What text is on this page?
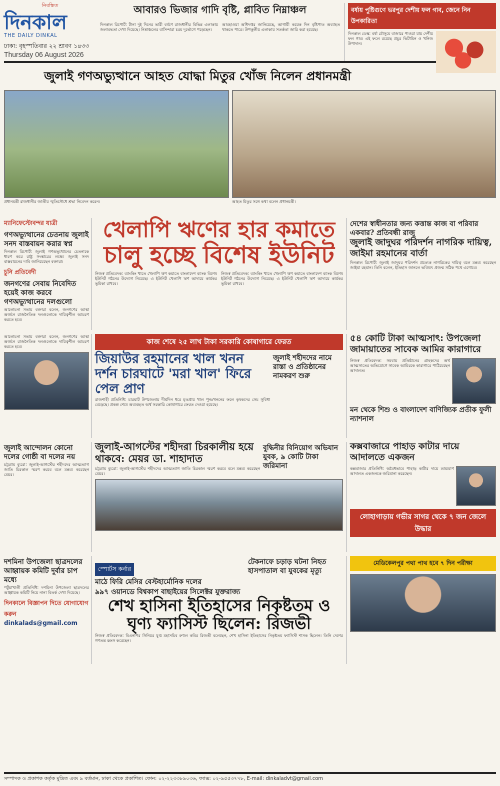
নিবন্ধিত
দিনকাল
THE DAILY DINKAL
ঢাকা: বৃহস্পতিবার ২২ শ্রাবণ ১৪৩৩
Thursday 06 August 2026
আবারও ভিজার গাদি বৃষ্টি, প্লাবিত নিম্নাঞ্চল
দিনকাল রিপোর্ট: টানা দুই দিনের ভারী বর্ষণে রাজধানীর বিভিন্ন এলাকায় জলাবদ্ধতা দেখা দিয়েছে। নিম্নাঞ্চলের বাসিন্দারা চরম দুর্ভোগে পড়েছেন।
আবহাওয়া অধিদপ্তর জানিয়েছে, আগামী কয়েক দিন বৃষ্টিপাত অব্যাহত থাকতে পারে। উপকূলীয় এলাকায় সতর্কতা জারি করা হয়েছে।
বর্ষায় পুষ্টিগুণে ভরপুর দেশীয় ফল গাব, জেনে নিন উপকারিতা
দিনকাল ডেস্ক: বর্ষা মৌসুমে বাজারে পাওয়া যায় দেশীয় ফল গাব। এই ফলে রয়েছে প্রচুর ভিটামিন ও খনিজ উপাদান।
জুলাই গণঅভ্যুত্থানে আহত যোদ্ধা মিতুর খোঁজ নিলেন প্রধানমন্ত্রী
প্রধানমন্ত্রী রাজধানীর জাতীয় স্মৃতিসৌধে শ্রদ্ধা নিবেদন করেন।	আহত মিতুর সঙ্গে কথা বলেন প্রধানমন্ত্রী।
ম্যানিফেস্টোবন্দর যাত্রী
গণঅভ্যুত্থানের চেতনায় জুলাই সনদ বাস্তবায়ন করার স্বপ্ন
দিনকাল রিপোর্ট: জুলাই গণঅভ্যুত্থানের চেতনাকে ধারণ করে রাষ্ট্র সংস্কারের লক্ষ্যে জুলাই সনদ বাস্তবায়নের দাবি জানিয়েছেন বক্তারা।
চুনি প্রতিবেদী
জনগণের সেবায় নিবেদিত হয়েই কাজ করবে গণঅভ্যুত্থানের দলগুলো
আলোচনা সভায় বক্তারা বলেন, জনগণের আস্থা অর্জনে রাজনৈতিক দলগুলোকে দায়িত্বশীল আচরণ করতে হবে।
খেলাপি ঋণের হার কমাতে
চালু হচ্ছে বিশেষ ইউনিট
নিজস্ব প্রতিবেদক: ব্যাংকিং খাতে খেলাপি ঋণ কমাতে বাংলাদেশ ব্যাংক বিশেষ ইউনিট গঠনের উদ্যোগ নিয়েছে। এ ইউনিট খেলাপি ঋণ আদায়ে কার্যকর ভূমিকা রাখবে।
নিজস্ব প্রতিবেদক: ব্যাংকিং খাতে খেলাপি ঋণ কমাতে বাংলাদেশ ব্যাংক বিশেষ ইউনিট গঠনের উদ্যোগ নিয়েছে। এ ইউনিট খেলাপি ঋণ আদায়ে কার্যকর ভূমিকা রাখবে।
দেশের স্বাধীনতার জন্য কত্তান্ত কাজ বা পরিবার একবার? প্রতিবন্ধী রাজু
জুলাই জাদুঘর পরিদর্শন নাগরিক দায়িত্ব, জাইমা রহমানের বার্তা
দিনকাল রিপোর্ট: জুলাই জাদুঘর পরিদর্শন প্রত্যেক নাগরিকের দায়িত্ব বলে মন্তব্য করেছেন জাইমা রহমান। তিনি বলেন, ইতিহাস জানলে ভবিষ্যৎ প্রজন্ম সঠিক পথে এগোবে।
আলোচনা সভায় বক্তারা বলেন, জনগণের আস্থা অর্জনে রাজনৈতিক দলগুলোকে দায়িত্বশীল আচরণ করতে হবে।
কাজ শেষে ২৫ লাখ টাকা সরকারি কোষাগারে ফেরত
জিয়াউর রহমানের খাল খনন দর্শন চারঘাটে 'মরা খাল' ফিরে পেল প্রাণ
রাজশাহী প্রতিনিধি: চারঘাট উপজেলায় দীর্ঘদিন ধরে মৃতপ্রায় খাল পুনঃখননের ফলে কৃষকদের সেচ সুবিধা বেড়েছে। প্রকল্প শেষে অব্যবহৃত অর্থ সরকারি কোষাগারে ফেরত দেওয়া হয়েছে।
জুলাই শহীদদের নামে রাস্তা ও প্রতিষ্ঠানের নামকরণ শুরু
৫৪ কোটি টাকা আত্মসাৎ: উপজেলা জামায়াতের সাবেক আমির কারাগারে
নিজস্ব প্রতিবেদক: সমবায় প্রতিষ্ঠানের গ্রাহকদের অর্থ আত্মসাতের অভিযোগে সাবেক আমিরকে কারাগারে পাঠিয়েছেন আদালত।
মন থেকে শিশু ও বাংলাদেশ বাণিজ্যিক প্রতীক ফুলী ন্যাশনাল
জুলাই আন্দোলন কোনো দলের গোষ্ঠী বা দলের নয়
চট্টগ্রাম ব্যুরো: জুলাই-আগস্টের শহীদদের আত্মত্যাগ জাতি চিরকাল স্মরণ করবে বলে মন্তব্য করেছেন মেয়র।
জুলাই-আগস্টের শহীদরা চিরকালীয় হয়ে থাকবে: মেয়র ডা. শাহাদাত
চট্টগ্রাম ব্যুরো: জুলাই-আগস্টের শহীদদের আত্মত্যাগ জাতি চিরকাল স্মরণ করবে বলে মন্তব্য করেছেন মেয়র।
বুদ্ধিনীর বিনিয়োগ অভিযান যুবক, ৯ কোটি টাকা জরিমানা
কক্সবাজারে পাহাড় কাটার দায়ে আদালতে একজন
কক্সবাজার প্রতিনিধি: অবৈধভাবে পাহাড় কাটার দায়ে ভ্রাম্যমাণ আদালত একজনকে জরিমানা করেছেন।
লোহাগাড়ায় গভীর সাগর থেকে ৭ জন জেলে উদ্ধার
দশমিনা উপজেলা ছাত্রদলের আহ্বায়ক কমিটি দুর্বার চাপ মধ্যে
পটুয়াখালী প্রতিনিধি: দশমিনা উপজেলা ছাত্রদলের আহ্বায়ক কমিটি নিয়ে নানা বিতর্ক দেখা দিয়েছে।
দিনকালে বিজ্ঞাপন দিতে যোগাযোগ করুন
dinkalads@gmail.com
স্পোর্টস কর্নার
মাঠে ফিরি মেসির বেস্টহার্মোনিক দলের
৯৯৭ ওয়ানডে বিশ্বকাপ বাছাইয়ের সিলেক্টর যুক্তরাজ্য
টেকনাফে চড়াড় ঘটনা নিহত হাসপাতাল বা যুবকের মৃত্যু
শেখ হাসিনা ইতিহাসের নিকৃষ্টতম ও ঘৃণ্য ফ্যাসিস্ট ছিলেন: রিজভী
নিজস্ব প্রতিবেদক: বিএনপির সিনিয়র যুগ্ম মহাসচিব রুহুল কবির রিজভী বলেছেন, শেখ হাসিনা ইতিহাসের নিকৃষ্টতম ফ্যাসিস্ট শাসক ছিলেন। তিনি দেশের গণতন্ত্র ধ্বংস করেছেন।
মেডিকেলপুর পথা পাথ হবে ৭ দিন পরীক্ষা
সম্পাদক ও প্রকাশক কর্তৃক মুদ্রিত এবং ৯ বর্তমান, ঢাকা থেকে প্রকাশিত। ফোন: ০২-২২৩৩৮৯০৩৬, ফ্যাক্স: ০২-৯৫৫৩৭৭৮, E-mail: dinkaladvt@gmail.com
